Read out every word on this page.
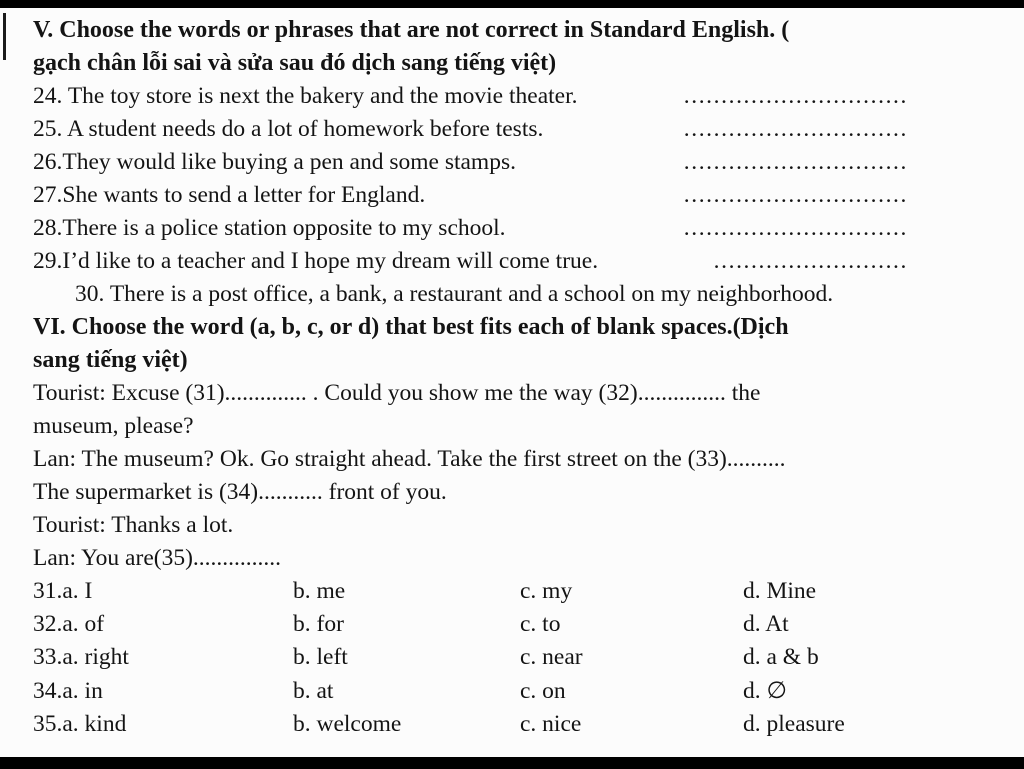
V. Choose the words or phrases that are not correct in Standard English. (
gạch chân lỗi sai và sửa sau đó dịch sang tiếng việt)
24. The toy store is next the bakery and the movie theater.	..............................
25. A student needs do a lot of homework before tests.	..............................
26.They would like buying a pen and some stamps.	..............................
27.She wants to send a letter for England.	..............................
28.There is a police station opposite to my school.	..............................
29.I’d like to a teacher and I hope my dream will come true.	..........................
30. There is a post office, a bank, a restaurant and a school on my neighborhood.
VI. Choose the word (a, b, c, or d) that best fits each of blank spaces.(Dịch
sang tiếng việt)
Tourist: Excuse (31).............. . Could you show me the way (32)............... the
museum, please?
Lan: The museum? Ok. Go straight ahead. Take the first street on the (33)..........
The supermarket is (34)........... front of you.
Tourist: Thanks a lot.
Lan: You are(35)...............
31.a. I	b. me	c. my	d. Mine
32.a. of	b. for	c. to	d. At
33.a. right	b. left	c. near	d. a & b
34.a. in	b. at	c. on	d. ∅
35.a. kind	b. welcome	c. nice	d. pleasure
